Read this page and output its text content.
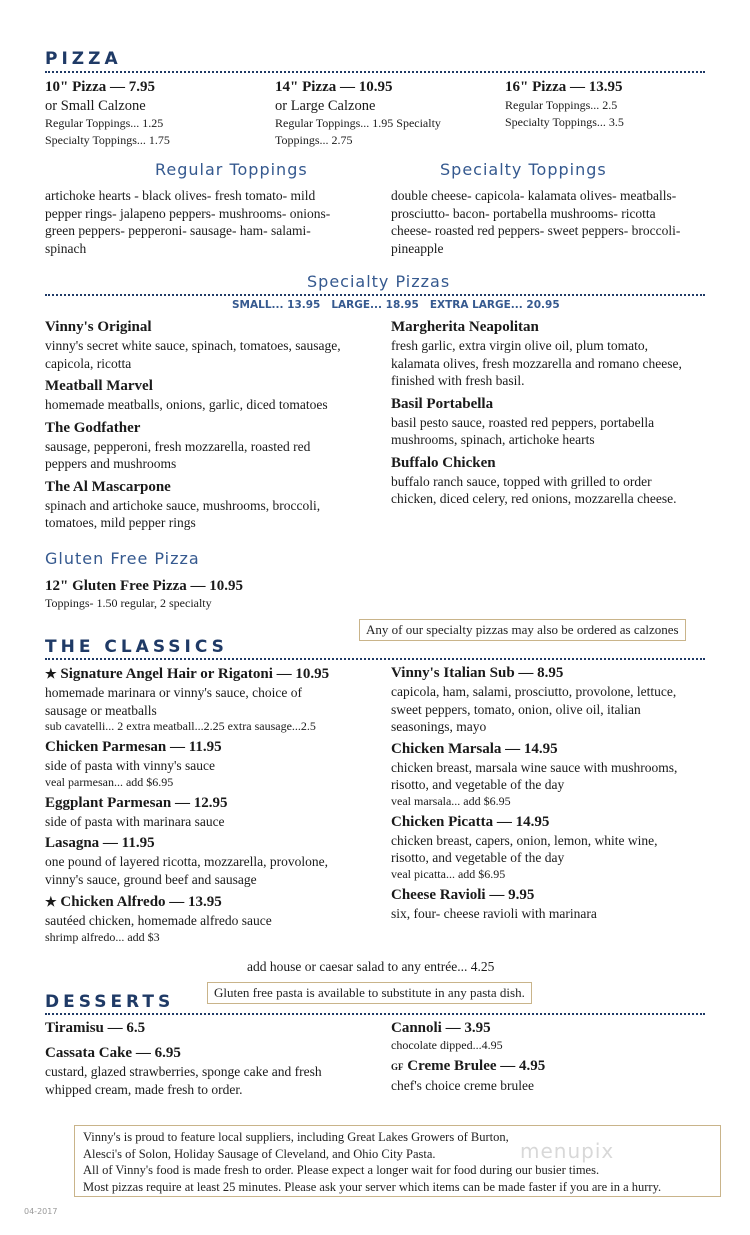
PIZZA
10" Pizza — 7.95
or Small Calzone
Regular Toppings... 1.25
Specialty Toppings... 1.75
14" Pizza — 10.95
or Large Calzone
Regular Toppings... 1.95 Specialty
Toppings... 2.75
16" Pizza — 13.95
Regular Toppings... 2.5
Specialty Toppings... 3.5
Regular Toppings	Specialty Toppings
artichoke hearts - black olives- fresh tomato- mild
pepper rings- jalapeno peppers- mushrooms- onions-
green peppers- pepperoni- sausage- ham- salami-
spinach
double cheese- capicola- kalamata olives- meatballs-
prosciutto- bacon- portabella mushrooms- ricotta
cheese- roasted red peppers- sweet peppers- broccoli-
pineapple
Specialty Pizzas
SMALL... 13.95   LARGE... 18.95   EXTRA LARGE... 20.95
Vinny's Original
vinny's secret white sauce, spinach, tomatoes, sausage,
capicola, ricotta
Meatball Marvel
homemade meatballs, onions, garlic, diced tomatoes
The Godfather
sausage, pepperoni, fresh mozzarella, roasted red
peppers and mushrooms
The Al Mascarpone
spinach and artichoke sauce, mushrooms, broccoli,
tomatoes, mild pepper rings
Margherita Neapolitan
fresh garlic, extra virgin olive oil, plum tomato,
kalamata olives, fresh mozzarella and romano cheese,
finished with fresh basil.
Basil Portabella
basil pesto sauce, roasted red peppers, portabella
mushrooms, spinach, artichoke hearts
Buffalo Chicken
buffalo ranch sauce, topped with grilled to order
chicken, diced celery, red onions, mozzarella cheese.
Gluten Free Pizza
12" Gluten Free Pizza — 10.95
Toppings- 1.50 regular, 2 specialty
Any of our specialty pizzas may also be ordered as calzones
THE CLASSICS
★ Signature Angel Hair or Rigatoni — 10.95
homemade marinara or vinny's sauce, choice of
sausage or meatballs
sub cavatelli... 2 extra meatball...2.25 extra sausage...2.5
Chicken Parmesan — 11.95
side of pasta with vinny's sauce
veal parmesan... add $6.95
Eggplant Parmesan — 12.95
side of pasta with marinara sauce
Lasagna — 11.95
one pound of layered ricotta, mozzarella, provolone,
vinny's sauce, ground beef and sausage
★ Chicken Alfredo — 13.95
sautéed chicken, homemade alfredo sauce
shrimp alfredo... add $3
Vinny's Italian Sub — 8.95
capicola, ham, salami, prosciutto, provolone, lettuce,
sweet peppers, tomato, onion, olive oil, italian
seasonings, mayo
Chicken Marsala — 14.95
chicken breast, marsala wine sauce with mushrooms,
risotto, and vegetable of the day
veal marsala... add $6.95
Chicken Picatta — 14.95
chicken breast, capers, onion, lemon, white wine,
risotto, and vegetable of the day
veal picatta... add $6.95
Cheese Ravioli — 9.95
six, four- cheese ravioli with marinara
add house or caesar salad to any entrée... 4.25
DESSERTS	Gluten free pasta is available to substitute in any pasta dish.
Tiramisu — 6.5
Cassata Cake — 6.95
custard, glazed strawberries, sponge cake and fresh
whipped cream, made fresh to order.
Cannoli — 3.95
chocolate dipped...4.95
GF Creme Brulee — 4.95
chef's choice creme brulee
Vinny's is proud to feature local suppliers, including Great Lakes Growers of Burton,
Alesci's of Solon, Holiday Sausage of Cleveland, and Ohio City Pasta.
All of Vinny's food is made fresh to order. Please expect a longer wait for food during our busier times.
Most pizzas require at least 25 minutes. Please ask your server which items can be made faster if you are in a hurry.
menupix
04-2017
